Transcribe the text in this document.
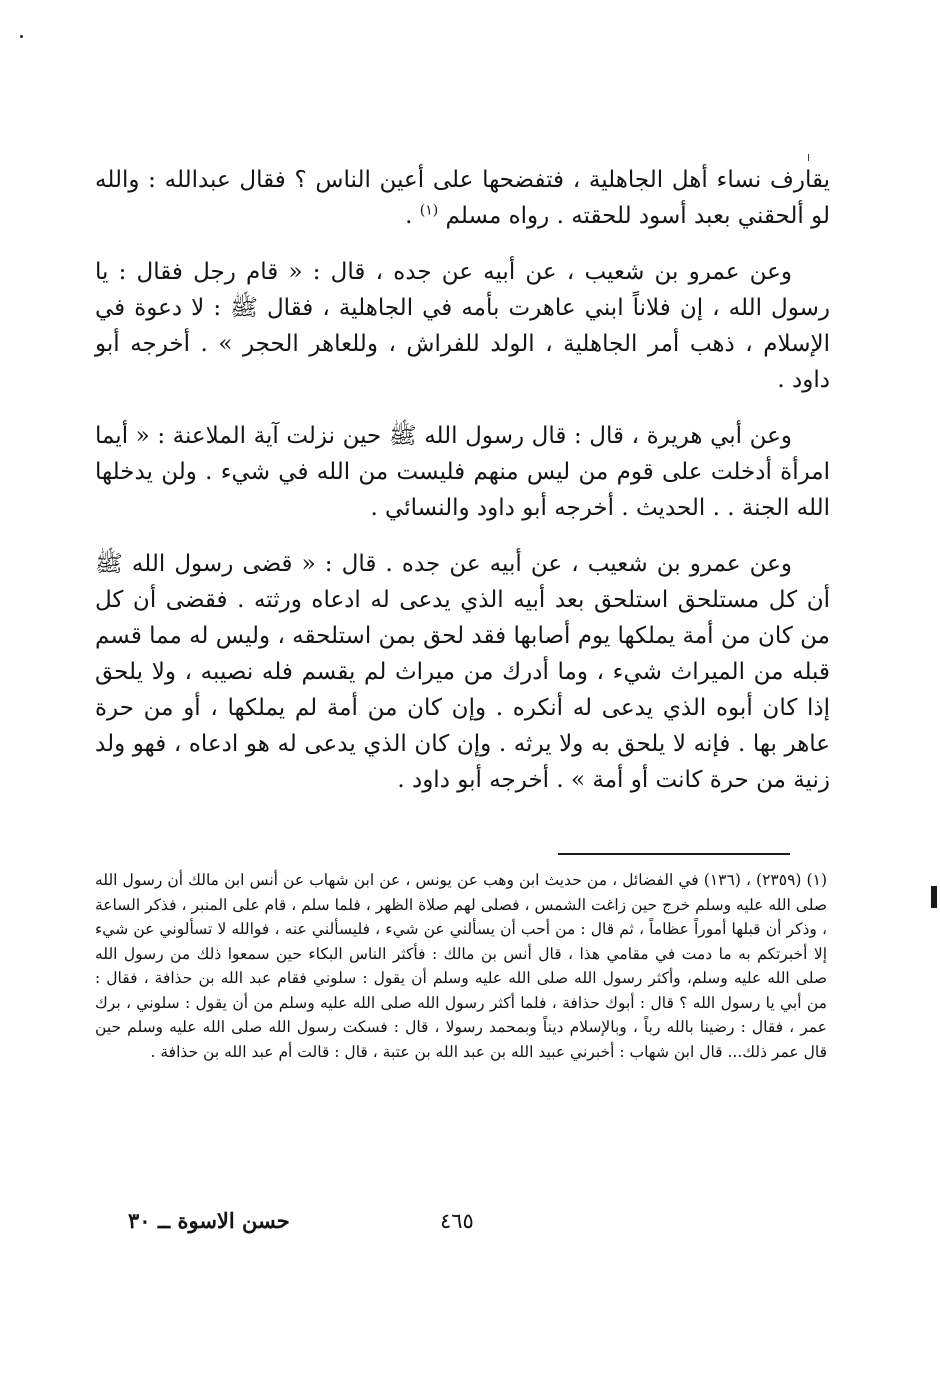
يقارف نساء أهل الجاهلية ، فتفضحها على أعين الناس ؟ فقال عبدالله : والله لو ألحقني بعبد أسود للحقته . رواه مسلم $^{(١)}$ .

وعن عمرو بن شعيب ، عن أبيه عن جده ، قال : « قام رجل فقال : يا رسول الله ، إن فلاناً ابني عاهرت بأمه في الجاهلية ، فقال ﷺ : لا دعوة في الإسلام ، ذهب أمر الجاهلية ، الولد للفراش ، وللعاهر الحجر » . أخرجه أبو داود .

وعن أبي هريرة ، قال : قال رسول الله ﷺ حين نزلت آية الملاعنة : « أيما امرأة أدخلت على قوم من ليس منهم فليست من الله في شيء . ولن يدخلها الله الجنة . . الحديث . أخرجه أبو داود والنسائي .

وعن عمرو بن شعيب ، عن أبيه عن جده . قال : « قضى رسول الله ﷺ أن كل مستلحق استلحق بعد أبيه الذي يدعى له ادعاه ورثته . فقضى أن كل من كان من أمة يملكها يوم أصابها فقد لحق بمن استلحقه ، وليس له مما قسم قبله من الميراث شيء ، وما أدرك من ميراث لم يقسم فله نصيبه ، ولا يلحق إذا كان أبوه الذي يدعى له أنكره . وإن كان من أمة لم يملكها ، أو من حرة عاهر بها . فإنه لا يلحق به ولا يرثه . وإن كان الذي يدعى له هو ادعاه ، فهو ولد زنية من حرة كانت أو أمة » . أخرجه أبو داود .

(١) (٢٣٥٩) ، (١٣٦) في الفضائل ، من حديث ابن وهب عن يونس ، عن ابن شهاب عن أنس ابن مالك أن رسول الله صلى الله عليه وسلم خرج حين زاغت الشمس ، فصلى لهم صلاة الظهر ، فلما سلم ، قام على المنبر ، فذكر الساعة ، وذكر أن قبلها أموراً عظاماً ، ثم قال : من أحب أن يسألني عن شيء ، فليسألني عنه ، فوالله لا تسألوني عن شيء إلا أخبرتكم به ما دمت في مقامي هذا ، قال أنس بن مالك : فأكثر الناس البكاء حين سمعوا ذلك من رسول الله صلى الله عليه وسلم، وأكثر رسول الله صلى الله عليه وسلم أن يقول : سلوني فقام عبد الله بن حذافة ، فقال : من أبي يا رسول الله ؟ قال : أبوك حذافة ، فلما أكثر رسول الله صلى الله عليه وسلم من أن يقول : سلوني ، برك عمر ، فقال : رضينا بالله رباً ، وبالإسلام ديناً وبمحمد رسولا ، قال : فسكت رسول الله صلى الله عليه وسلم حين قال عمر ذلك... قال ابن شهاب : أخبرني عبيد الله بن عبد الله بن عتبة ، قال : قالت أم عبد الله بن حذافة .

حسن الاسوة ــ ٣٠	٤٦٥
